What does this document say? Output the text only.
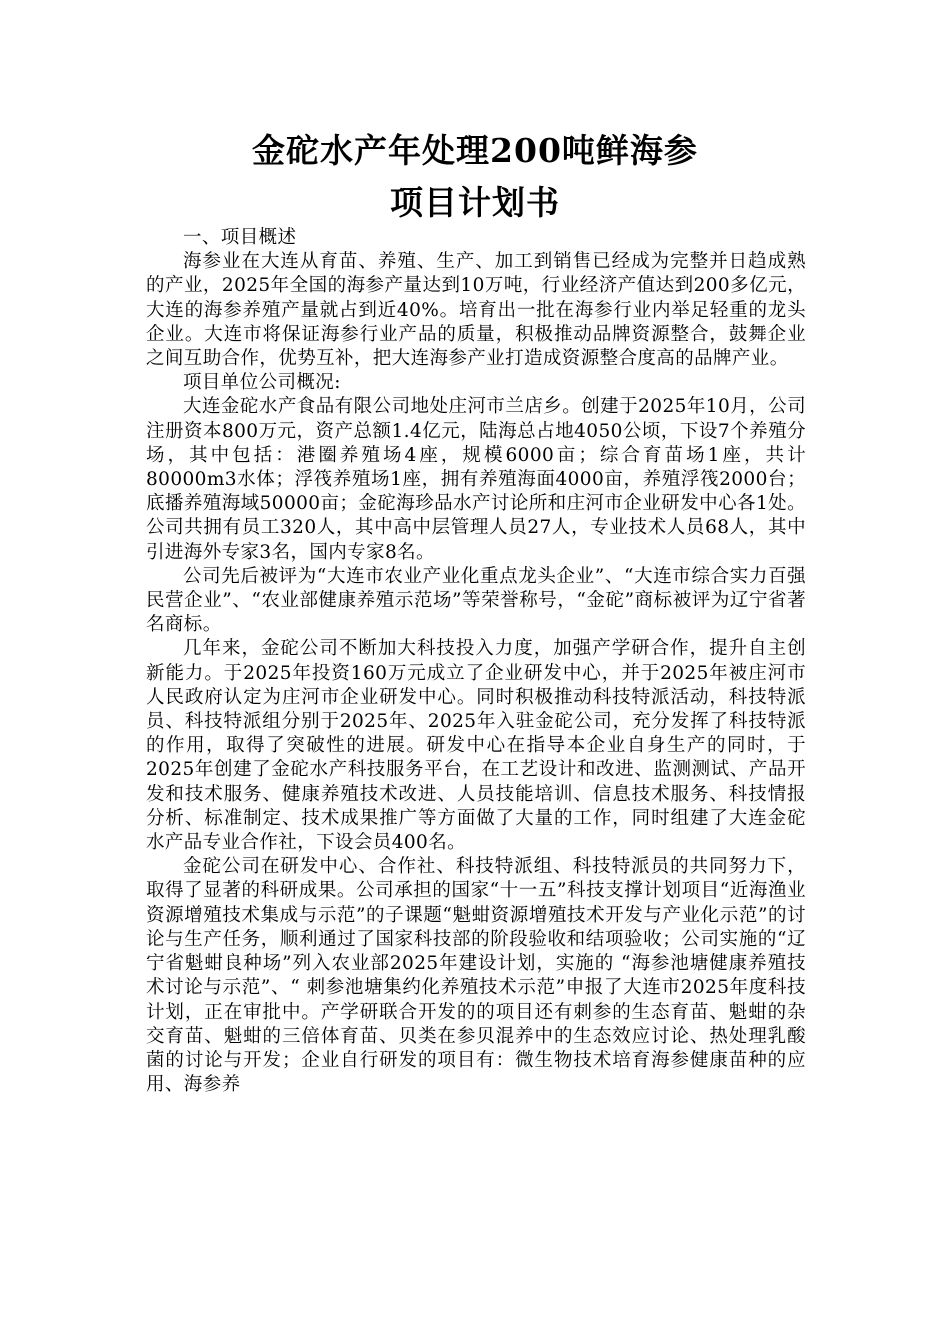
金砣水产年处理200吨鲜海参
项目计划书

一、项目概述

海参业在大连从育苗、养殖、生产、加工到销售已经成为完整并日趋成熟的产业，2025年全国的海参产量达到10万吨，行业经济产值达到200多亿元，大连的海参养殖产量就占到近40%。培育出一批在海参行业内举足轻重的龙头企业。大连市将保证海参行业产品的质量，积极推动品牌资源整合，鼓舞企业之间互助合作，优势互补，把大连海参产业打造成资源整合度高的品牌产业。

项目单位公司概况:

大连金砣水产食品有限公司地处庄河市兰店乡。创建于2025年10月，公司注册资本800万元，资产总额1.4亿元，陆海总占地4050公顷，下设7个养殖分场，其中包括：港圈养殖场4座，规模6000亩；综合育苗场1座，共计80000m3水体；浮筏养殖场1座，拥有养殖海面4000亩，养殖浮筏2000台；底播养殖海域50000亩；金砣海珍品水产讨论所和庄河市企业研发中心各1处。公司共拥有员工320人，其中高中层管理人员27人，专业技术人员68人，其中引进海外专家3名，国内专家8名。

公司先后被评为“大连市农业产业化重点龙头企业”、“大连市综合实力百强民营企业”、“农业部健康养殖示范场”等荣誉称号，“金砣”商标被评为辽宁省著名商标。

几年来，金砣公司不断加大科技投入力度，加强产学研合作，提升自主创新能力。于2025年投资160万元成立了企业研发中心，并于2025年被庄河市人民政府认定为庄河市企业研发中心。同时积极推动科技特派活动，科技特派员、科技特派组分别于2025年、2025年入驻金砣公司，充分发挥了科技特派的作用，取得了突破性的进展。研发中心在指导本企业自身生产的同时，于2025年创建了金砣水产科技服务平台，在工艺设计和改进、监测测试、产品开发和技术服务、健康养殖技术改进、人员技能培训、信息技术服务、科技情报分析、标准制定、技术成果推广等方面做了大量的工作，同时组建了大连金砣水产品专业合作社，下设会员400名。

金砣公司在研发中心、合作社、科技特派组、科技特派员的共同努力下，取得了显著的科研成果。公司承担的国家“十一五”科技支撑计划项目“近海渔业资源增殖技术集成与示范”的子课题“魁蚶资源增殖技术开发与产业化示范”的讨论与生产任务，顺利通过了国家科技部的阶段验收和结项验收；公司实施的“辽宁省魁蚶良种场”列入农业部2025年建设计划，实施的 “海参池塘健康养殖技术讨论与示范”、“ 刺参池塘集约化养殖技术示范”申报了大连市2025年度科技计划，正在审批中。产学研联合开发的的项目还有刺参的生态育苗、魁蚶的杂交育苗、魁蚶的三倍体育苗、贝类在参贝混养中的生态效应讨论、热处理乳酸菌的讨论与开发；企业自行研发的项目有：微生物技术培育海参健康苗种的应用、海参养
